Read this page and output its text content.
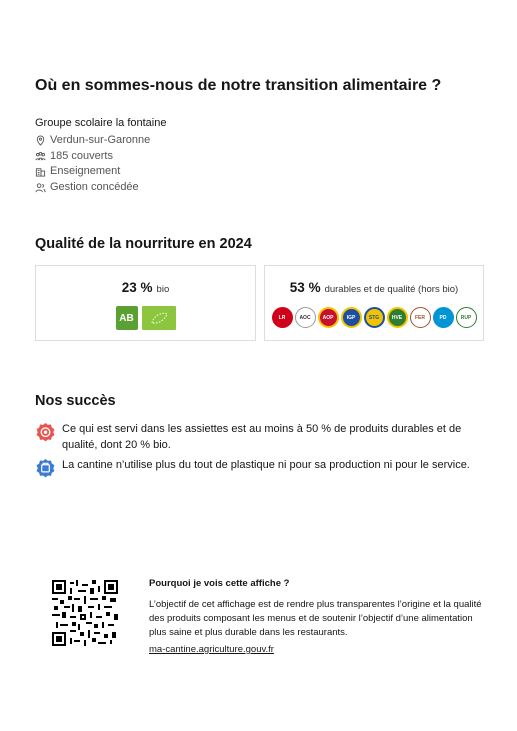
Où en sommes-nous de notre transition alimentaire ?
Groupe scolaire la fontaine
Verdun-sur-Garonne
185 couverts
Enseignement
Gestion concédée
Qualité de la nourriture en 2024
23 % bio
AB
53 % durables et de qualité (hors bio)
LR	AOC	AOP	IGP	STG	HVE	FER	PD	RUP
Nos succès
Ce qui est servi dans les assiettes est au moins à 50 % de produits durables et de qualité, dont 20 % bio.
La cantine n’utilise plus du tout de plastique ni pour sa production ni pour le service.
Pourquoi je vois cette affiche ?
L’objectif de cet affichage est de rendre plus transparentes l’origine et la qualité des produits composant les menus et de soutenir l’objectif d’une alimentation plus saine et plus durable dans les restaurants.
ma-cantine.agriculture.gouv.fr
